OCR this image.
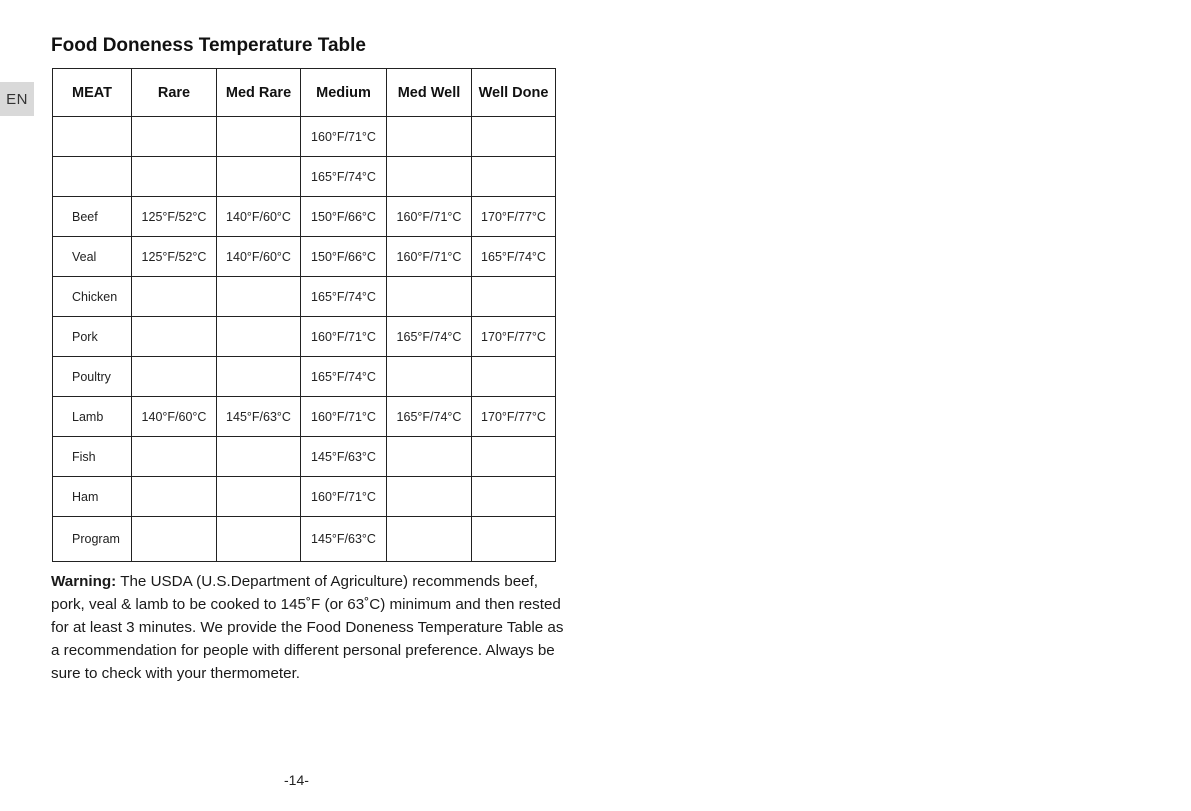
EN
Food Doneness Temperature Table
MEAT	Rare	Med Rare	Medium	Med Well	Well Done
			160°F/71°C		
			165°F/74°C		
Beef	125°F/52°C	140°F/60°C	150°F/66°C	160°F/71°C	170°F/77°C
Veal	125°F/52°C	140°F/60°C	150°F/66°C	160°F/71°C	165°F/74°C
Chicken			165°F/74°C		
Pork			160°F/71°C	165°F/74°C	170°F/77°C
Poultry			165°F/74°C		
Lamb	140°F/60°C	145°F/63°C	160°F/71°C	165°F/74°C	170°F/77°C
Fish			145°F/63°C		
Ham			160°F/71°C		
Program			145°F/63°C		

Warning: The USDA (U.S.Department of Agriculture) recommends beef, pork, veal & lamb to be cooked to 145˚F (or 63˚C) minimum and then rested for at least 3 minutes. We provide the Food Doneness Temperature Table as a recommendation for people with different personal preference. Always be sure to check with your thermometer.

-14-
